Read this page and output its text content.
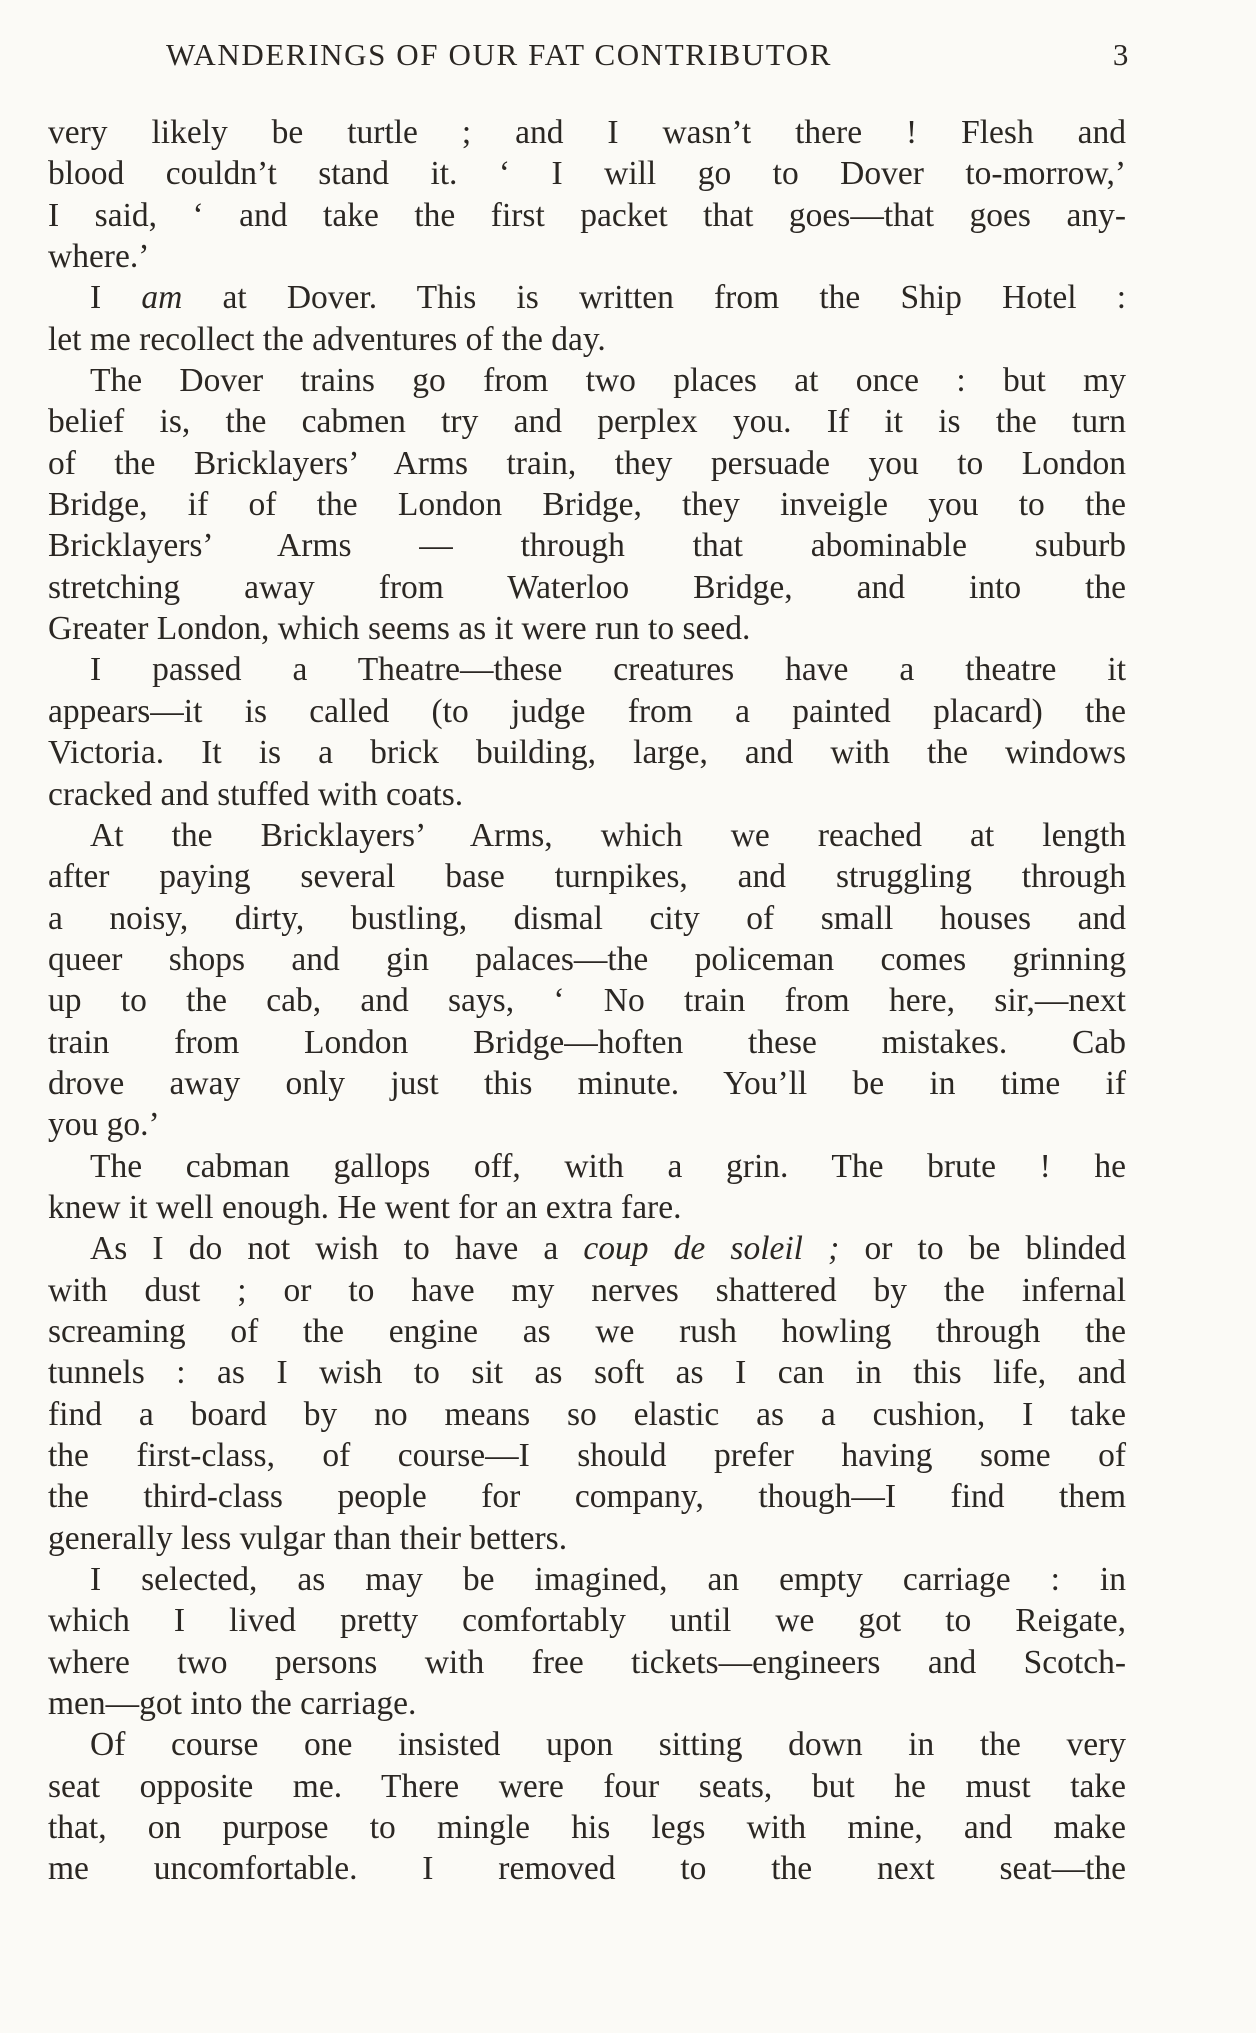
WANDERINGS OF OUR FAT CONTRIBUTOR	3
very likely be turtle ; and I wasn’t there ! Flesh and
blood couldn’t stand it. ‘ I will go to Dover to-morrow,’
I said, ‘ and take the first packet that goes—that goes any-
where.’
I am at Dover. This is written from the Ship Hotel :
let me recollect the adventures of the day.
The Dover trains go from two places at once : but my
belief is, the cabmen try and perplex you. If it is the turn
of the Bricklayers’ Arms train, they persuade you to London
Bridge, if of the London Bridge, they inveigle you to the
Bricklayers’ Arms — through that abominable suburb
stretching away from Waterloo Bridge, and into the
Greater London, which seems as it were run to seed.
I passed a Theatre—these creatures have a theatre it
appears—it is called (to judge from a painted placard) the
Victoria. It is a brick building, large, and with the windows
cracked and stuffed with coats.
At the Bricklayers’ Arms, which we reached at length
after paying several base turnpikes, and struggling through
a noisy, dirty, bustling, dismal city of small houses and
queer shops and gin palaces—the policeman comes grinning
up to the cab, and says, ‘ No train from here, sir,—next
train from London Bridge—hoften these mistakes. Cab
drove away only just this minute. You’ll be in time if
you go.’
The cabman gallops off, with a grin. The brute ! he
knew it well enough. He went for an extra fare.
As I do not wish to have a coup de soleil ; or to be blinded
with dust ; or to have my nerves shattered by the infernal
screaming of the engine as we rush howling through the
tunnels : as I wish to sit as soft as I can in this life, and
find a board by no means so elastic as a cushion, I take
the first-class, of course—I should prefer having some of
the third-class people for company, though—I find them
generally less vulgar than their betters.
I selected, as may be imagined, an empty carriage : in
which I lived pretty comfortably until we got to Reigate,
where two persons with free tickets—engineers and Scotch-
men—got into the carriage.
Of course one insisted upon sitting down in the very
seat opposite me. There were four seats, but he must take
that, on purpose to mingle his legs with mine, and make
me uncomfortable. I removed to the next seat—the
